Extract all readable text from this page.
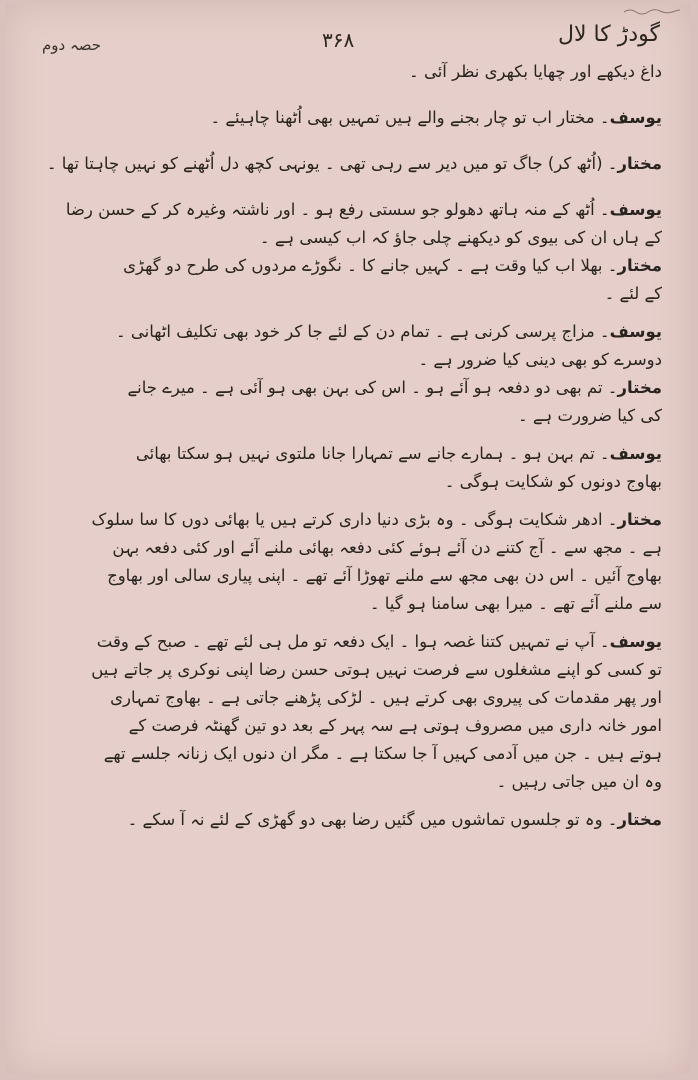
گودڑ کا لال
۳۶۸
حصہ دوم
داغ دیکھے اور چھایا بکھری نظر آئی ۔
یوسف۔ مختار اب تو چار بجنے والے ہیں تمہیں بھی اُٹھنا چاہیئے ۔
مختار۔ (اُٹھ کر) جاگ تو میں دیر سے رہی تھی ۔ یونہی کچھ دل اُٹھنے کو نہیں چاہتا تھا ۔
یوسف۔ اُٹھ کے منہ ہاتھ دھولو جو سستی رفع ہو ۔ اور ناشتہ وغیرہ کر کے حسن رضا
کے ہاں ان کی بیوی کو دیکھنے چلی جاؤ کہ اب کیسی ہے ۔
مختار۔ بھلا اب کیا وقت ہے ۔ کہیں جانے کا ۔ نگوڑے مردوں کی طرح دو گھڑی
کے لئے ۔
یوسف۔ مزاج پرسی کرنی ہے ۔ تمام دن کے لئے جا کر خود بھی تکلیف اٹھانی ۔
دوسرے کو بھی دینی کیا ضرور ہے ۔
مختار۔ تم بھی دو دفعہ ہو آئے ہو ۔ اس کی بہن بھی ہو آئی ہے ۔ میرے جانے
کی کیا ضرورت ہے ۔
یوسف۔ تم بہن ہو ۔ ہمارے جانے سے تمہارا جانا ملتوی نہیں ہو سکتا بھائی
بھاوج دونوں کو شکایت ہوگی ۔
مختار۔ ادھر شکایت ہوگی ۔ وہ بڑی دنیا داری کرتے ہیں یا بھائی دوں کا سا سلوک
ہے ۔ مجھ سے ۔ آج کتنے دن آئے ہوئے کئی دفعہ بھائی ملنے آئے اور کئی دفعہ بہن
بھاوج آئیں ۔ اس دن بھی مجھ سے ملنے تھوڑا آئے تھے ۔ اپنی پیاری سالی اور بھاوج
سے ملنے آئے تھے ۔ میرا بھی سامنا ہو گیا ۔
یوسف۔ آپ نے تمہیں کتنا غصہ ہوا ۔ ایک دفعہ تو مل ہی لئے تھے ۔ صبح کے وقت
تو کسی کو اپنے مشغلوں سے فرصت نہیں ہوتی حسن رضا اپنی نوکری پر جاتے ہیں
اور پھر مقدمات کی پیروی بھی کرتے ہیں ۔ لڑکی پڑھنے جاتی ہے ۔ بھاوج تمہاری
امور خانہ داری میں مصروف ہوتی ہے سہ پہر کے بعد دو تین گھنٹہ فرصت کے
ہوتے ہیں ۔ جن میں آدمی کہیں آ جا سکتا ہے ۔ مگر ان دنوں ایک زنانہ جلسے تھے
وہ ان میں جاتی رہیں ۔
مختار۔ وہ تو جلسوں تماشوں میں گئیں رضا بھی دو گھڑی کے لئے نہ آ سکے ۔
